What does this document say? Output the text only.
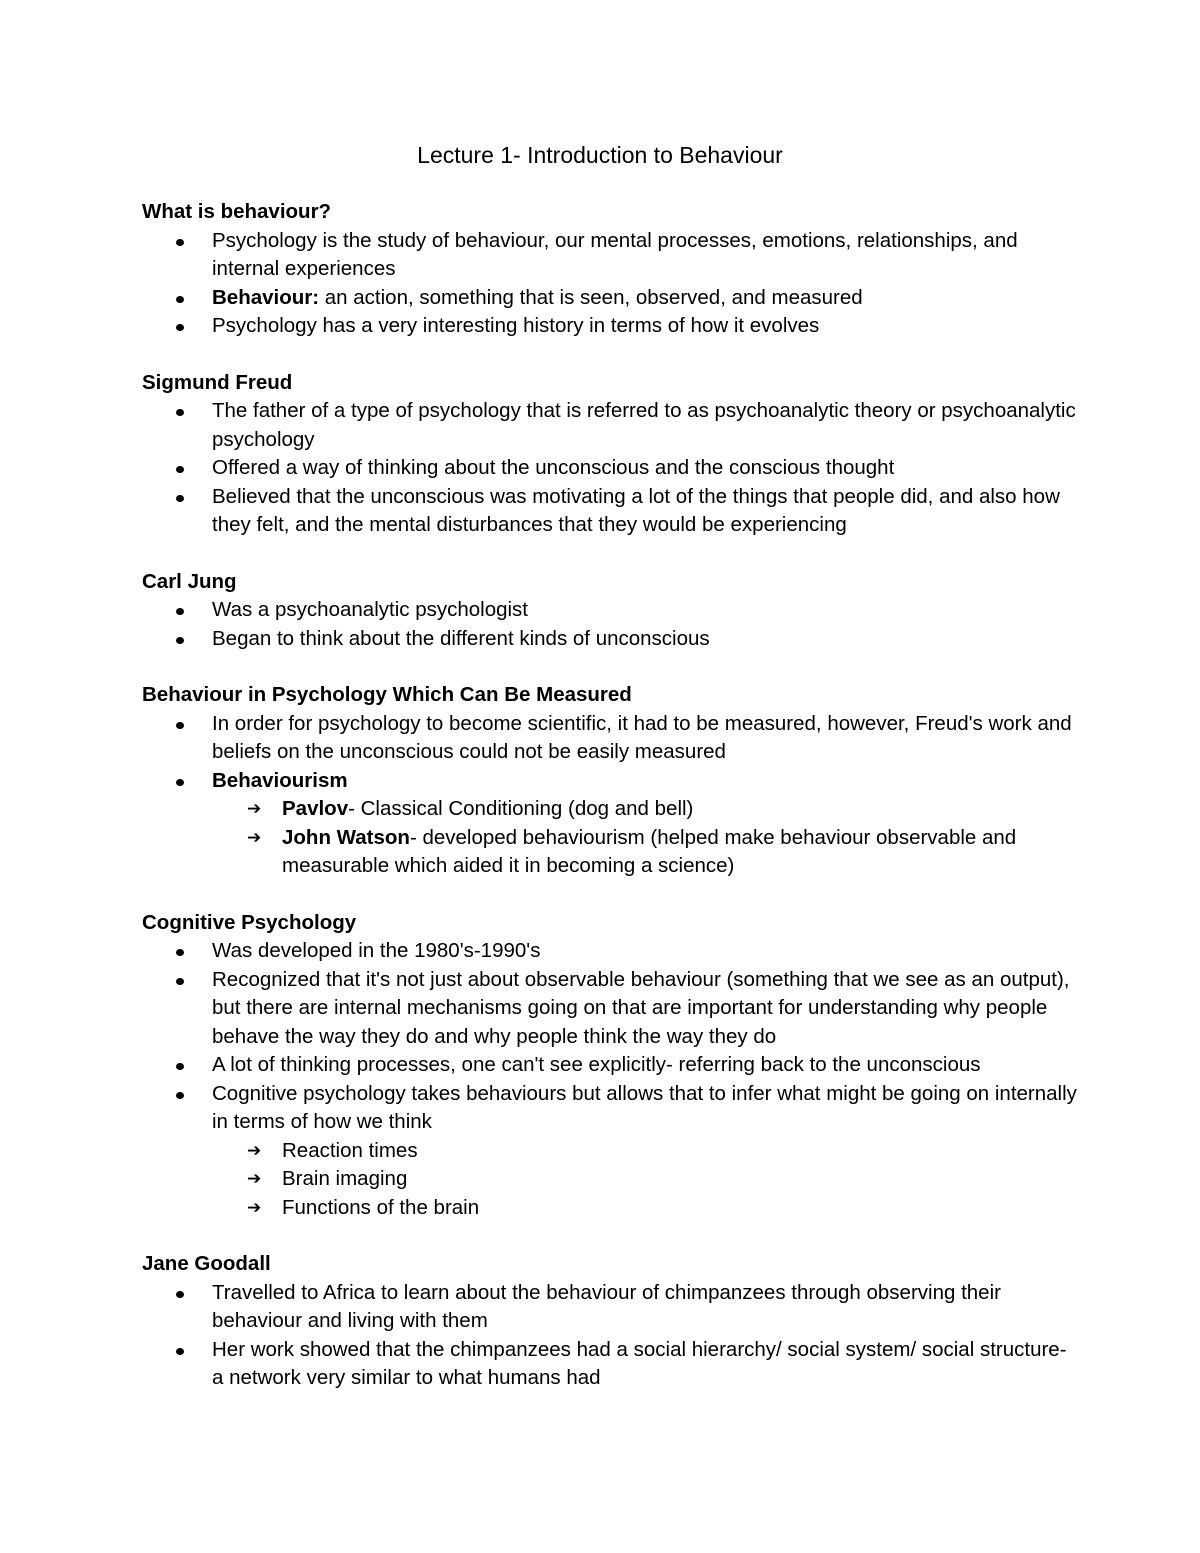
Lecture 1- Introduction to Behaviour
What is behaviour?
Psychology is the study of behaviour, our mental processes, emotions, relationships, and internal experiences
Behaviour: an action, something that is seen, observed, and measured
Psychology has a very interesting history in terms of how it evolves
Sigmund Freud
The father of a type of psychology that is referred to as psychoanalytic theory or psychoanalytic psychology
Offered a way of thinking about the unconscious and the conscious thought
Believed that the unconscious was motivating a lot of the things that people did, and also how they felt, and the mental disturbances that they would be experiencing
Carl Jung
Was a psychoanalytic psychologist
Began to think about the different kinds of unconscious
Behaviour in Psychology Which Can Be Measured
In order for psychology to become scientific, it had to be measured, however, Freud's work and beliefs on the unconscious could not be easily measured
Behaviourism
➔ Pavlov- Classical Conditioning (dog and bell)
➔ John Watson- developed behaviourism (helped make behaviour observable and measurable which aided it in becoming a science)
Cognitive Psychology
Was developed in the 1980's-1990's
Recognized that it's not just about observable behaviour (something that we see as an output), but there are internal mechanisms going on that are important for understanding why people behave the way they do and why people think the way they do
A lot of thinking processes, one can't see explicitly- referring back to the unconscious
Cognitive psychology takes behaviours but allows that to infer what might be going on internally in terms of how we think
➔ Reaction times
➔ Brain imaging
➔ Functions of the brain
Jane Goodall
Travelled to Africa to learn about the behaviour of chimpanzees through observing their behaviour and living with them
Her work showed that the chimpanzees had a social hierarchy/ social system/ social structure- a network very similar to what humans had
